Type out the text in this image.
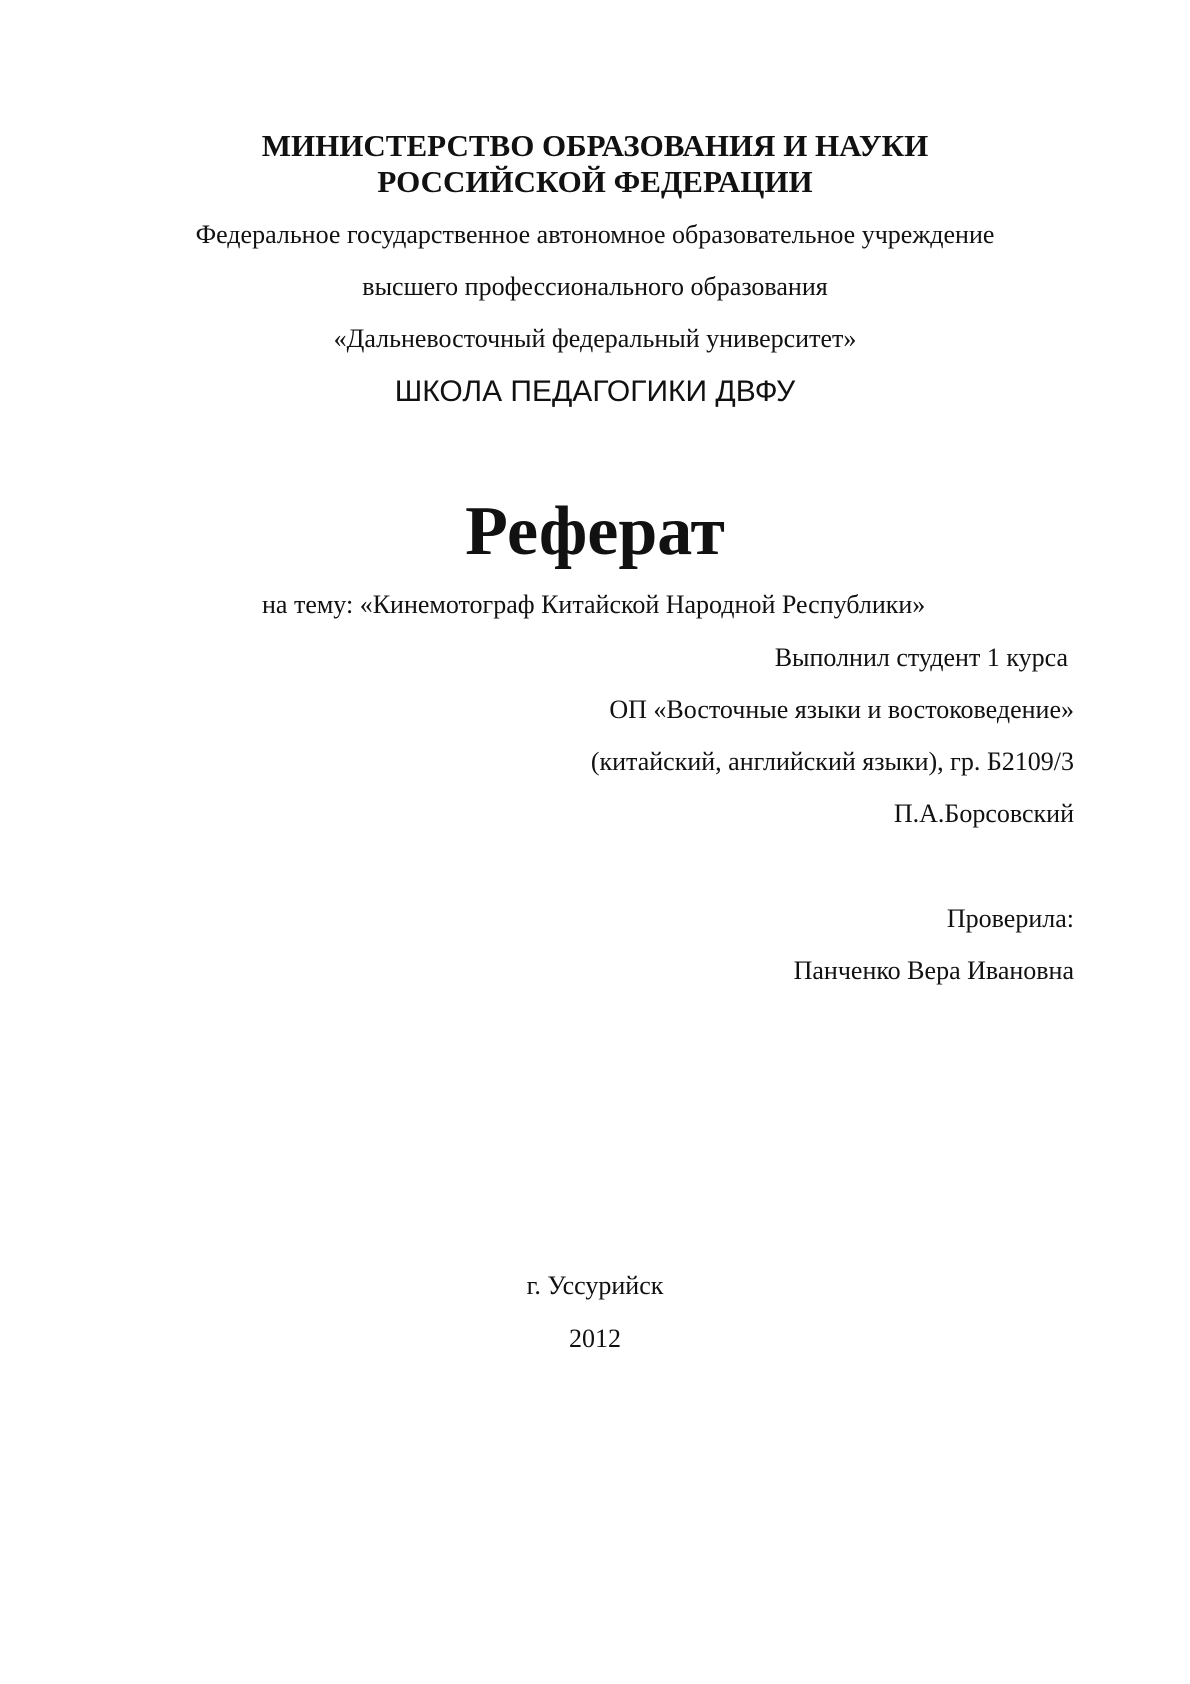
МИНИСТЕРСТВО ОБРАЗОВАНИЯ И НАУКИ
РОССИЙСКОЙ ФЕДЕРАЦИИ
Федеральное государственное автономное образовательное учреждение
высшего профессионального образования
«Дальневосточный федеральный университет»
ШКОЛА ПЕДАГОГИКИ ДВФУ
Реферат
на тему: «Кинемотограф Китайской Народной Республики»
Выполнил студент 1 курса
ОП «Восточные языки и востоковедение»
(китайский, английский языки), гр. Б2109/3
П.А.Борсовский
Проверила:
Панченко Вера Ивановна
г. Уссурийск
2012
